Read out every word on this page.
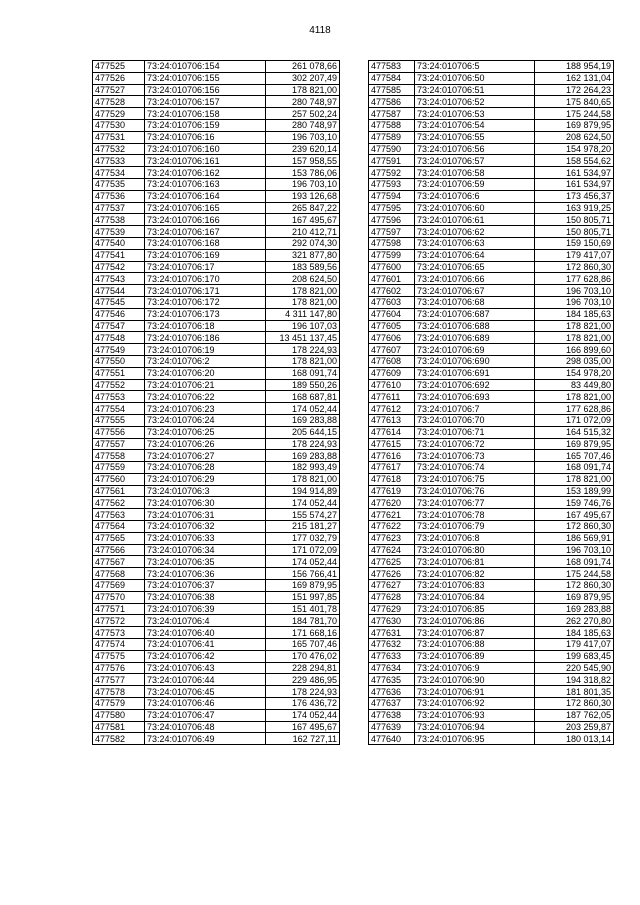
4118
477525	73:24:010706:154	261 078,66
477526	73:24:010706:155	302 207,49
477527	73:24:010706:156	178 821,00
477528	73:24:010706:157	280 748,97
477529	73:24:010706:158	257 502,24
477530	73:24:010706:159	280 748,97
477531	73:24:010706:16	196 703,10
477532	73:24:010706:160	239 620,14
477533	73:24:010706:161	157 958,55
477534	73:24:010706:162	153 786,06
477535	73:24:010706:163	196 703,10
477536	73:24:010706:164	193 126,68
477537	73:24:010706:165	265 847,22
477538	73:24:010706:166	167 495,67
477539	73:24:010706:167	210 412,71
477540	73:24:010706:168	292 074,30
477541	73:24:010706:169	321 877,80
477542	73:24:010706:17	183 589,56
477543	73:24:010706:170	208 624,50
477544	73:24:010706:171	178 821,00
477545	73:24:010706:172	178 821,00
477546	73:24:010706:173	4 311 147,80
477547	73:24:010706:18	196 107,03
477548	73:24:010706:186	13 451 137,45
477549	73:24:010706:19	178 224,93
477550	73:24:010706:2	178 821,00
477551	73:24:010706:20	168 091,74
477552	73:24:010706:21	189 550,26
477553	73:24:010706:22	168 687,81
477554	73:24:010706:23	174 052,44
477555	73:24:010706:24	169 283,88
477556	73:24:010706:25	205 644,15
477557	73:24:010706:26	178 224,93
477558	73:24:010706:27	169 283,88
477559	73:24:010706:28	182 993,49
477560	73:24:010706:29	178 821,00
477561	73:24:010706:3	194 914,89
477562	73:24:010706:30	174 052,44
477563	73:24:010706:31	155 574,27
477564	73:24:010706:32	215 181,27
477565	73:24:010706:33	177 032,79
477566	73:24:010706:34	171 072,09
477567	73:24:010706:35	174 052,44
477568	73:24:010706:36	156 766,41
477569	73:24:010706:37	169 879,95
477570	73:24:010706:38	151 997,85
477571	73:24:010706:39	151 401,78
477572	73:24:010706:4	184 781,70
477573	73:24:010706:40	171 668,16
477574	73:24:010706:41	165 707,46
477575	73:24:010706:42	170 476,02
477576	73:24:010706:43	228 294,81
477577	73:24:010706:44	229 486,95
477578	73:24:010706:45	178 224,93
477579	73:24:010706:46	176 436,72
477580	73:24:010706:47	174 052,44
477581	73:24:010706:48	167 495,67
477582	73:24:010706:49	162 727,11
477583	73:24:010706:5	188 954,19
477584	73:24:010706:50	162 131,04
477585	73:24:010706:51	172 264,23
477586	73:24:010706:52	175 840,65
477587	73:24:010706:53	175 244,58
477588	73:24:010706:54	169 879,95
477589	73:24:010706:55	208 624,50
477590	73:24:010706:56	154 978,20
477591	73:24:010706:57	158 554,62
477592	73:24:010706:58	161 534,97
477593	73:24:010706:59	161 534,97
477594	73:24:010706:6	173 456,37
477595	73:24:010706:60	163 919,25
477596	73:24:010706:61	150 805,71
477597	73:24:010706:62	150 805,71
477598	73:24:010706:63	159 150,69
477599	73:24:010706:64	179 417,07
477600	73:24:010706:65	172 860,30
477601	73:24:010706:66	177 628,86
477602	73:24:010706:67	196 703,10
477603	73:24:010706:68	196 703,10
477604	73:24:010706:687	184 185,63
477605	73:24:010706:688	178 821,00
477606	73:24:010706:689	178 821,00
477607	73:24:010706:69	166 899,60
477608	73:24:010706:690	298 035,00
477609	73:24:010706:691	154 978,20
477610	73:24:010706:692	83 449,80
477611	73:24:010706:693	178 821,00
477612	73:24:010706:7	177 628,86
477613	73:24:010706:70	171 072,09
477614	73:24:010706:71	164 515,32
477615	73:24:010706:72	169 879,95
477616	73:24:010706:73	165 707,46
477617	73:24:010706:74	168 091,74
477618	73:24:010706:75	178 821,00
477619	73:24:010706:76	153 189,99
477620	73:24:010706:77	159 746,76
477621	73:24:010706:78	167 495,67
477622	73:24:010706:79	172 860,30
477623	73:24:010706:8	186 569,91
477624	73:24:010706:80	196 703,10
477625	73:24:010706:81	168 091,74
477626	73:24:010706:82	175 244,58
477627	73:24:010706:83	172 860,30
477628	73:24:010706:84	169 879,95
477629	73:24:010706:85	169 283,88
477630	73:24:010706:86	262 270,80
477631	73:24:010706:87	184 185,63
477632	73:24:010706:88	179 417,07
477633	73:24:010706:89	199 683,45
477634	73:24:010706:9	220 545,90
477635	73:24:010706:90	194 318,82
477636	73:24:010706:91	181 801,35
477637	73:24:010706:92	172 860,30
477638	73:24:010706:93	187 762,05
477639	73:24:010706:94	203 259,87
477640	73:24:010706:95	180 013,14
